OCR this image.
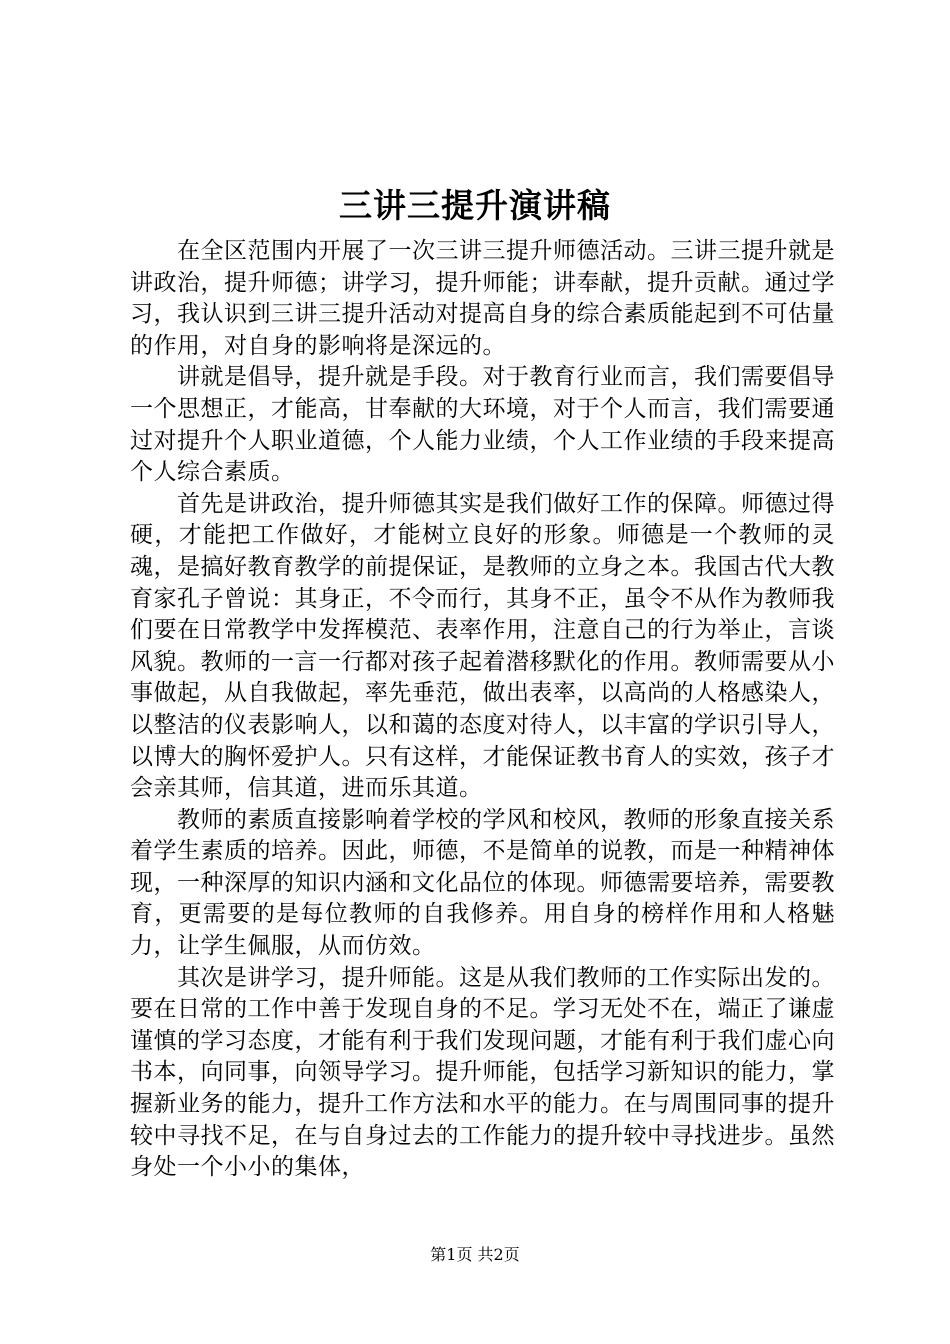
三讲三提升演讲稿

在全区范围内开展了一次三讲三提升师德活动。三讲三提升就是讲政治，提升师德；讲学习，提升师能；讲奉献，提升贡献。通过学习，我认识到三讲三提升活动对提高自身的综合素质能起到不可估量的作用，对自身的影响将是深远的。

讲就是倡导，提升就是手段。对于教育行业而言，我们需要倡导一个思想正，才能高，甘奉献的大环境，对于个人而言，我们需要通过对提升个人职业道德，个人能力业绩，个人工作业绩的手段来提高个人综合素质。

首先是讲政治，提升师德其实是我们做好工作的保障。师德过得硬，才能把工作做好，才能树立良好的形象。师德是一个教师的灵魂，是搞好教育教学的前提保证，是教师的立身之本。我国古代大教育家孔子曾说：其身正，不令而行，其身不正，虽令不从作为教师我们要在日常教学中发挥模范、表率作用，注意自己的行为举止，言谈风貌。教师的一言一行都对孩子起着潜移默化的作用。教师需要从小事做起，从自我做起，率先垂范，做出表率，以高尚的人格感染人，以整洁的仪表影响人，以和蔼的态度对待人，以丰富的学识引导人，以博大的胸怀爱护人。只有这样，才能保证教书育人的实效，孩子才会亲其师，信其道，进而乐其道。

教师的素质直接影响着学校的学风和校风，教师的形象直接关系着学生素质的培养。因此，师德，不是简单的说教，而是一种精神体现，一种深厚的知识内涵和文化品位的体现。师德需要培养，需要教育，更需要的是每位教师的自我修养。用自身的榜样作用和人格魅力，让学生佩服，从而仿效。

其次是讲学习，提升师能。这是从我们教师的工作实际出发的。要在日常的工作中善于发现自身的不足。学习无处不在，端正了谦虚谨慎的学习态度，才能有利于我们发现问题，才能有利于我们虚心向书本，向同事，向领导学习。提升师能，包括学习新知识的能力，掌握新业务的能力，提升工作方法和水平的能力。在与周围同事的提升较中寻找不足，在与自身过去的工作能力的提升较中寻找进步。虽然身处一个小小的集体，

第1页 共2页
